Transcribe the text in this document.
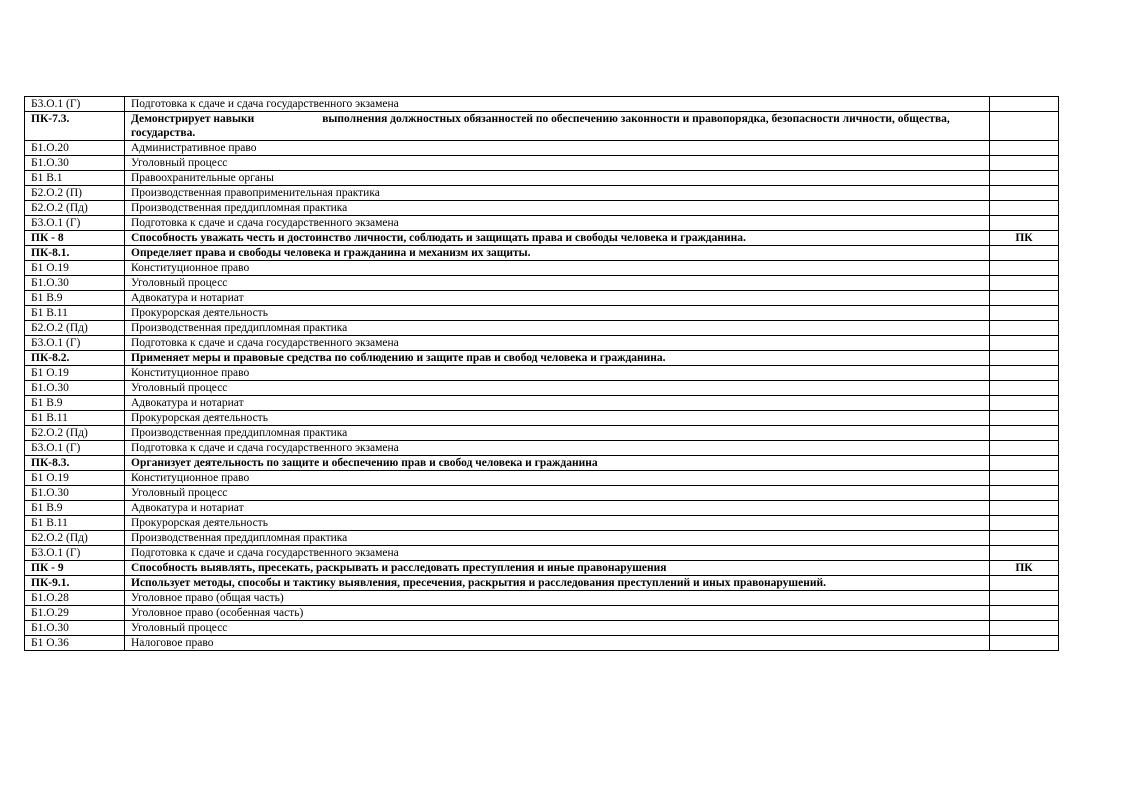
Б3.О.1 (Г)	Подготовка к сдаче и сдача государственного экзамена	
ПК-7.3.	Демонстрирует навыки выполнения должностных обязанностей по обеспечению законности и правопорядка, безопасности личности, общества, государства.	
Б1.О.20	Административное право	
Б1.О.30	Уголовный процесс	
Б1 В.1	Правоохранительные органы	
Б2.О.2 (П)	Производственная правоприменительная практика	
Б2.О.2 (Пд)	Производственная преддипломная практика	
Б3.О.1 (Г)	Подготовка к сдаче и сдача государственного экзамена	
ПК - 8	Способность уважать честь и достоинство личности, соблюдать и защищать права и свободы человека и гражданина.	ПК
ПК-8.1.	Определяет права и свободы человека и гражданина и механизм их защиты.	
Б1 О.19	Конституционное право	
Б1.О.30	Уголовный процесс	
Б1 В.9	Адвокатура и нотариат	
Б1 В.11	Прокурорская деятельность	
Б2.О.2 (Пд)	Производственная преддипломная практика	
Б3.О.1 (Г)	Подготовка к сдаче и сдача государственного экзамена	
ПК-8.2.	Применяет меры и правовые средства по соблюдению и защите прав и свобод человека и гражданина.	
Б1 О.19	Конституционное право	
Б1.О.30	Уголовный процесс	
Б1 В.9	Адвокатура и нотариат	
Б1 В.11	Прокурорская деятельность	
Б2.О.2 (Пд)	Производственная преддипломная практика	
Б3.О.1 (Г)	Подготовка к сдаче и сдача государственного экзамена	
ПК-8.3.	Организует деятельность по защите и обеспечению прав и свобод человека и гражданина	
Б1 О.19	Конституционное право	
Б1.О.30	Уголовный процесс	
Б1 В.9	Адвокатура и нотариат	
Б1 В.11	Прокурорская деятельность	
Б2.О.2 (Пд)	Производственная преддипломная практика	
Б3.О.1 (Г)	Подготовка к сдаче и сдача государственного экзамена	
ПК - 9	Способность выявлять, пресекать, раскрывать и расследовать преступления и иные правонарушения	ПК
ПК-9.1.	Использует методы, способы и тактику выявления, пресечения, раскрытия и расследования преступлений и иных правонарушений.	
Б1.О.28	Уголовное право (общая часть)	
Б1.О.29	Уголовное право (особенная часть)	
Б1.О.30	Уголовный процесс	
Б1 О.36	Налоговое право	
